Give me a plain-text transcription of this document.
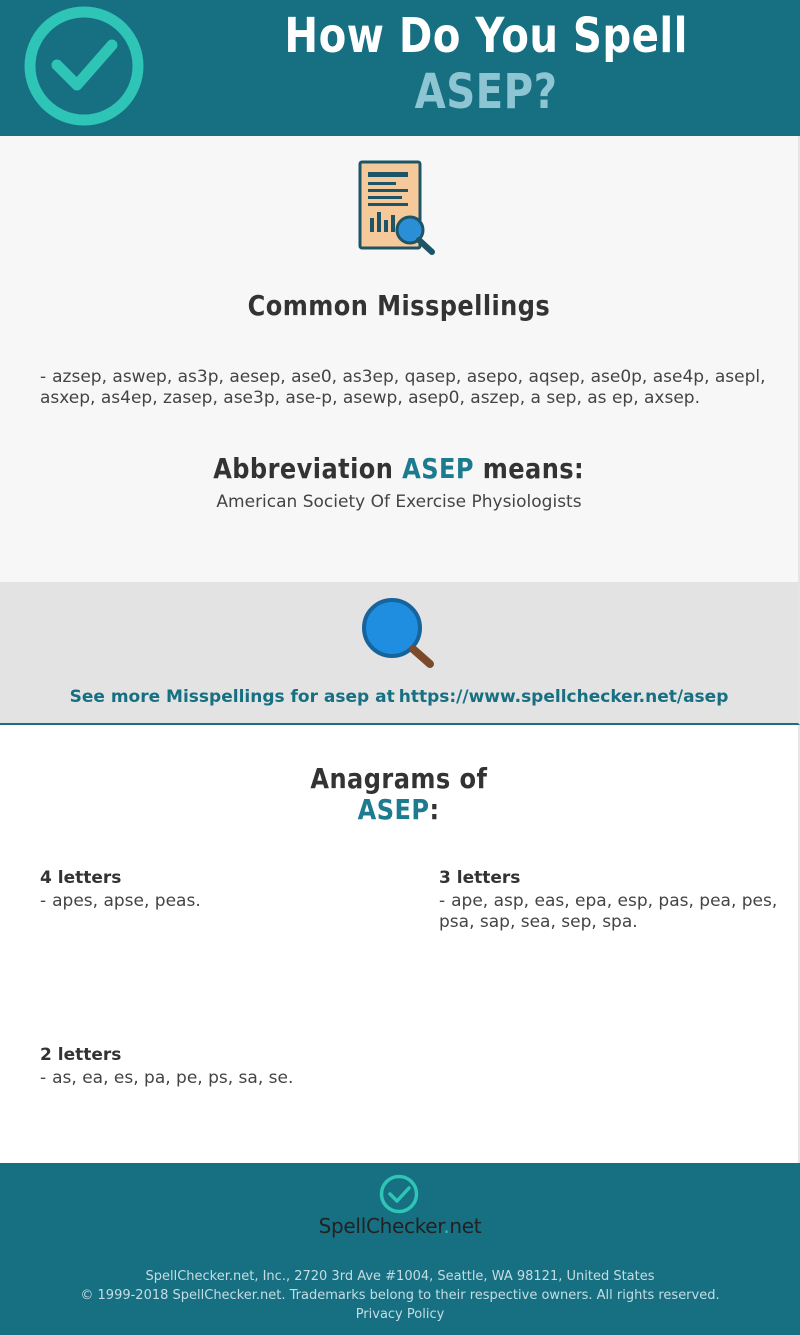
How Do You Spell
ASEP?
Common Misspellings
- azsep, aswep, as3p, aesep, ase0, as3ep, qasep, asepo, aqsep, ase0p, ase4p, asepl, asxep, as4ep, zasep, ase3p, ase-p, asewp, asep0, aszep, a sep, as ep, axsep.
Abbreviation ASEP means:
American Society Of Exercise Physiologists
See more Misspellings for asep at https://www.spellchecker.net/asep
Anagrams of
ASEP:
4 letters
- apes, apse, peas.
3 letters
- ape, asp, eas, epa, esp, pas, pea, pes, psa, sap, sea, sep, spa.
2 letters
- as, ea, es, pa, pe, ps, sa, se.
SpellChecker.net
SpellChecker.net, Inc., 2720 3rd Ave #1004, Seattle, WA 98121, United States
© 1999-2018 SpellChecker.net. Trademarks belong to their respective owners. All rights reserved.
Privacy Policy
